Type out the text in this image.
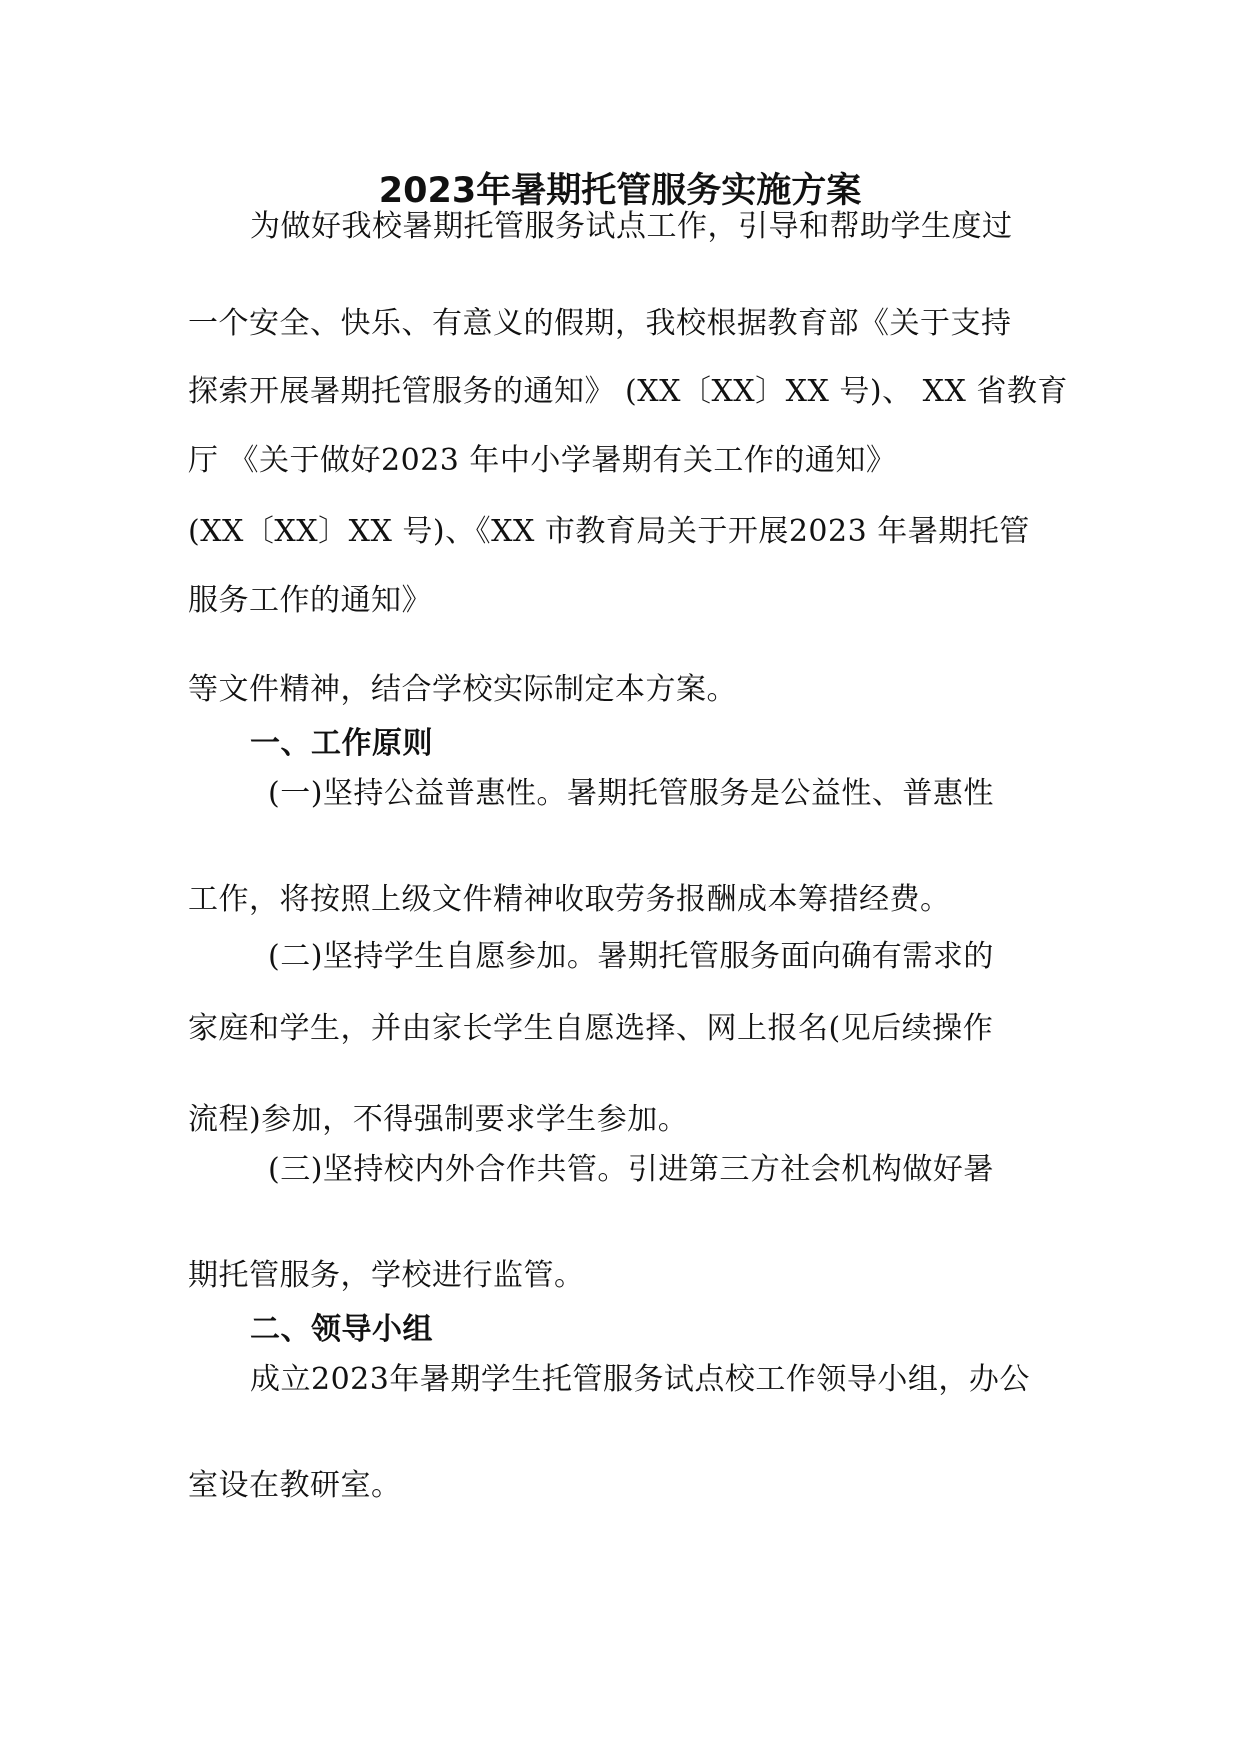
2023年暑期托管服务实施方案
为做好我校暑期托管服务试点工作，引导和帮助学生度过
一个安全、快乐、有意义的假期，我校根据教育部《关于支持
探索开展暑期托管服务的通知》 (XX〔XX〕XX 号)、 XX 省教育
厅 《关于做好2023 年中小学暑期有关工作的通知》
(XX〔XX〕XX 号)、《XX 市教育局关于开展2023 年暑期托管
服务工作的通知》
等文件精神，结合学校实际制定本方案。
一、工作原则
(一)坚持公益普惠性。暑期托管服务是公益性、普惠性
工作，将按照上级文件精神收取劳务报酬成本筹措经费。
(二)坚持学生自愿参加。暑期托管服务面向确有需求的
家庭和学生，并由家长学生自愿选择、网上报名(见后续操作
流程)参加，不得强制要求学生参加。
(三)坚持校内外合作共管。引进第三方社会机构做好暑
期托管服务，学校进行监管。
二、领导小组
成立2023年暑期学生托管服务试点校工作领导小组，办公
室设在教研室。
